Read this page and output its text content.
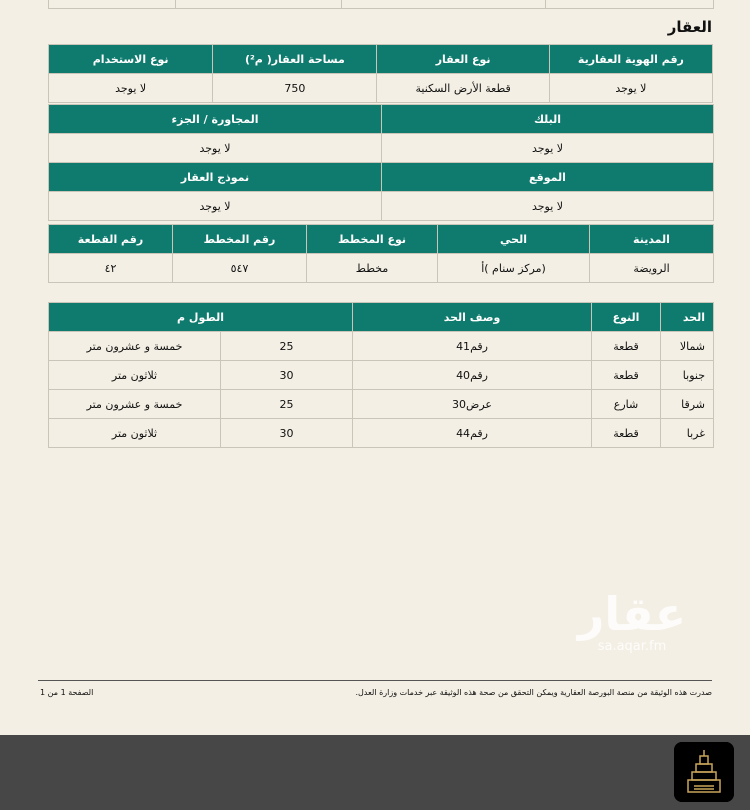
العقار
رقم الهوية العقارية	نوع العقار	مساحة العقار( م²)	نوع الاستخدام
لا يوجد	قطعة الأرض السكنية	750	لا يوجد
البلك	المجاورة / الجزء
لا يوجد	لا يوجد
الموقع	نموذج العقار
لا يوجد	لا يوجد
المدينة	الحي	نوع المخطط	رقم المخطط	رقم القطعة
الرويضة	(مركز سنام )أ	مخطط	٥٤٧	٤٢
الحد	النوع	وصف الحد	الطول م	
شمالا	قطعة	رقم41	25	خمسة و عشرون متر
جنوبا	قطعة	رقم40	30	ثلاثون متر
شرقا	شارع	عرض30	25	خمسة و عشرون متر
غربا	قطعة	رقم44	30	ثلاثون متر
عقار
sa.aqar.fm
صدرت هذه الوثيقة من منصة البورصة العقارية ويمكن التحقق من صحة هذه الوثيقة عبر خدمات وزارة العدل.
الصفحة 1 من 1
